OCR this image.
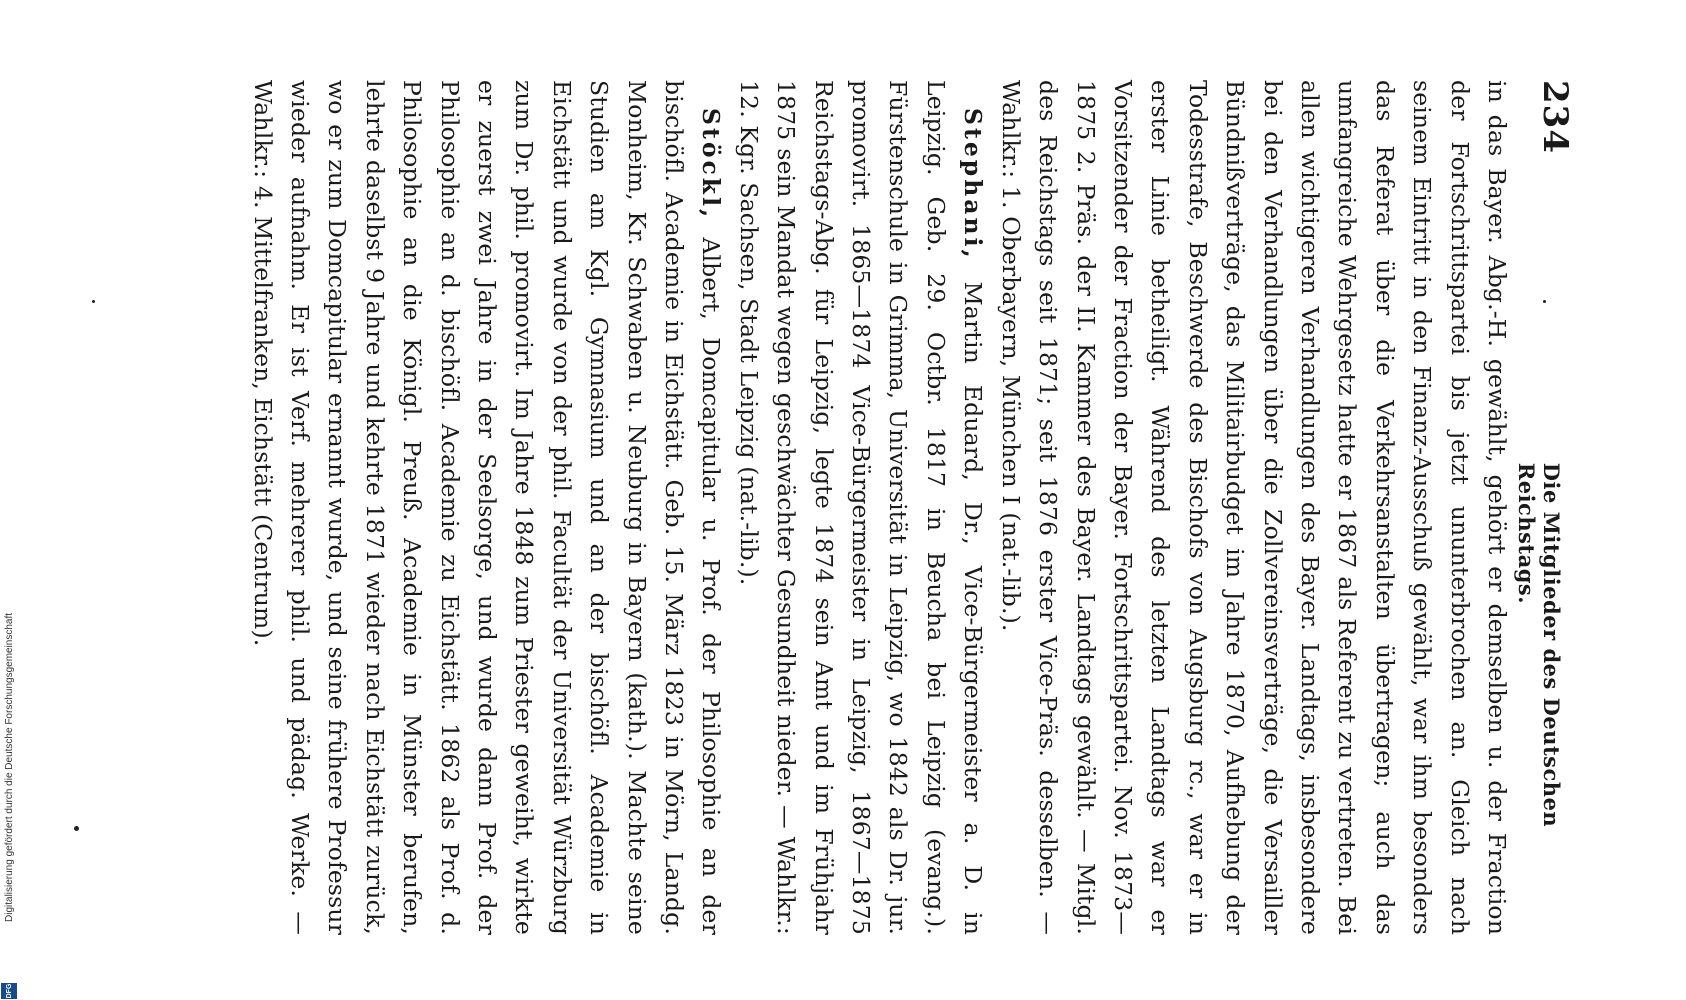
Digitalisierung gefördert durch die Deutsche Forschungsgemeinschaft
DFG
234
Die Mitglieder des Deutschen Reichstags.

in das Bayer. Abg.-H. gewählt, gehört er demselben u. der Fraction der Fortschrittspartei bis jetzt ununterbrochen an. Gleich nach seinem Eintritt in den Finanz-Ausschuß gewählt, war ihm besonders das Referat über die Verkehrsanstalten übertragen; auch das umfangreiche Wehrgesetz hatte er 1867 als Referent zu vertreten. Bei allen wichtigeren Verhandlungen des Bayer. Landtags, insbesondere bei den Verhandlungen über die Zollvereinsverträge, die Versailler Bündnißverträge, das Militairbudget im Jahre 1870, Aufhebung der Todesstrafe, Beschwerde des Bischofs von Augsburg rc., war er in erster Linie betheiligt. Während des letzten Landtags war er Vorsitzender der Fraction der Bayer. Fortschrittspartei. Nov. 1873—1875 2. Präs. der II. Kammer des Bayer. Landtags gewählt. — Mitgl. des Reichstags seit 1871; seit 1876 erster Vice-Präs. desselben. — Wahlkr.: 1. Oberbayern, München I (nat.-lib.).

Stephani, Martin Eduard, Dr., Vice-Bürgermeister a. D. in Leipzig. Geb. 29. Octbr. 1817 in Beucha bei Leipzig (evang.). Fürstenschule in Grimma, Universität in Leipzig, wo 1842 als Dr. jur. promovirt. 1865—1874 Vice-Bürgermeister in Leipzig, 1867—1875 Reichstags-Abg. für Leipzig, legte 1874 sein Amt und im Frühjahr 1875 sein Mandat wegen geschwächter Gesundheit nieder. — Wahlkr.: 12. Kgr. Sachsen, Stadt Leipzig (nat.-lib.).

Stöckl, Albert, Domcapitular u. Prof. der Philosophie an der bischöfl. Academie in Eichstätt. Geb. 15. März 1823 in Mörn, Landg. Monheim, Kr. Schwaben u. Neuburg in Bayern (kath.). Machte seine Studien am Kgl. Gymnasium und an der bischöfl. Academie in Eichstätt und wurde von der phil. Facultät der Universität Würzburg zum Dr. phil. promovirt. Im Jahre 1848 zum Priester geweiht, wirkte er zuerst zwei Jahre in der Seelsorge, und wurde dann Prof. der Philosophie an d. bischöfl. Academie zu Eichstätt. 1862 als Prof. d. Philosophie an die Königl. Preuß. Academie in Münster berufen, lehrte daselbst 9 Jahre und kehrte 1871 wieder nach Eichstätt zurück, wo er zum Domcapitular ernannt wurde, und seine frühere Professur wieder aufnahm. Er ist Verf. mehrerer phil. und pädag. Werke. — Wahlkr.: 4. Mittelfranken, Eichstätt (Centrum).
